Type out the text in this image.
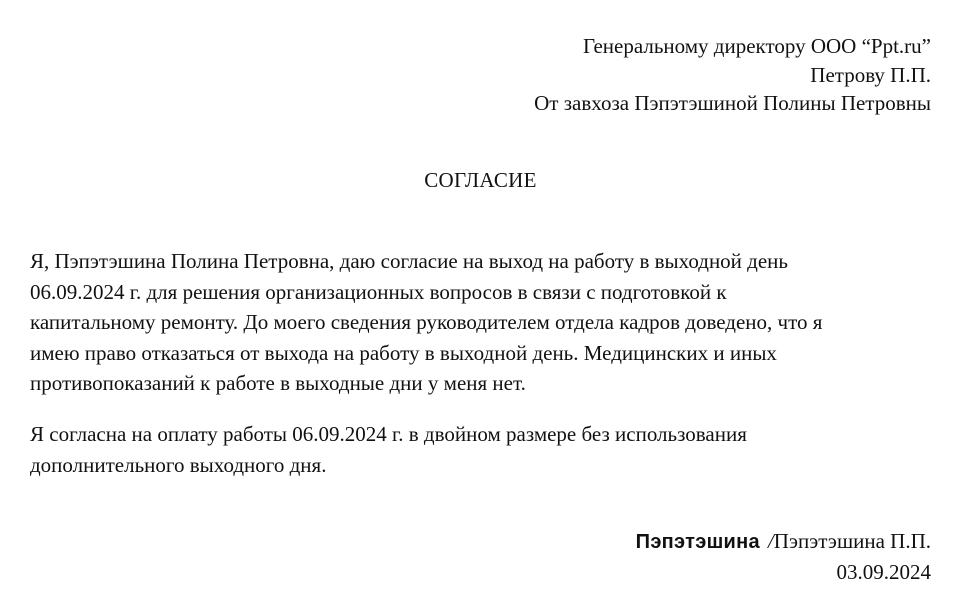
Генеральному директору ООО “Ppt.ru”
Петрову П.П.
От завхоза Пэпэтэшиной Полины Петровны
СОГЛАСИЕ
Я, Пэпэтэшина Полина Петровна, даю согласие на выход на работу в выходной день
06.09.2024 г. для решения организационных вопросов в связи с подготовкой к
капитальному ремонту. До моего сведения руководителем отдела кадров доведено, что я
имею право отказаться от выхода на работу в выходной день. Медицинских и иных
противопоказаний к работе в выходные дни у меня нет.
Я согласна на оплату работы 06.09.2024 г. в двойном размере без использования
дополнительного выходного дня.
Пэпэтэшина /Пэпэтэшина П.П.
03.09.2024
